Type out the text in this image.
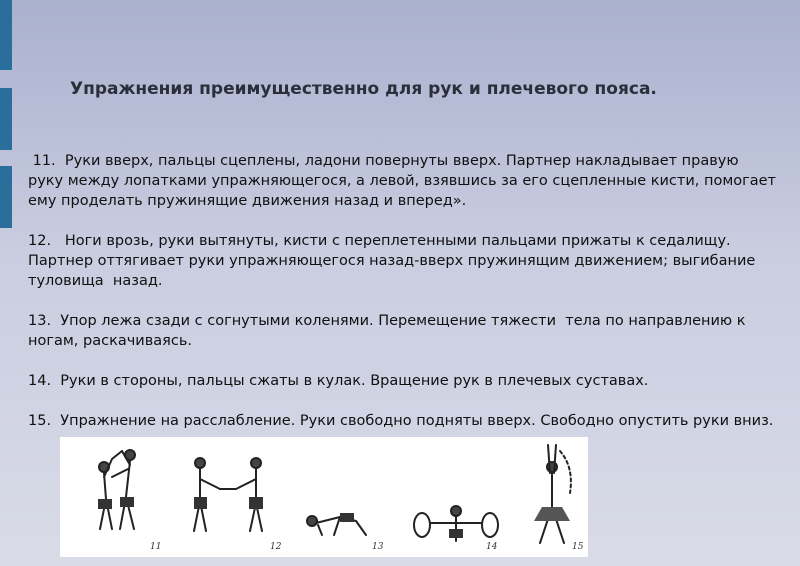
Упражнения преимущественно для рук и плечевого пояса.

11.  Руки вверх, пальцы сцеплены, ладони повернуты вверх. Партнер накладывает правую руку между лопатками упражняющегося, а левой, взявшись за его сцепленные кисти, помогает ему проделать пружинящие движения назад и вперед».

12.   Ноги врозь, руки вытянуты, кисти с переплетенными пальцами прижаты к седалищу. Партнер оттягивает руки упражняющегося назад-вверх пружинящим движением; выгибание туловища  назад.

13.  Упор лежа сзади с согнутыми коленями. Перемещение тяжести  тела по направлению к ногам, раскачиваясь.

14.  Руки в стороны, пальцы сжаты в кулак. Вращение рук в плечевых суставах.

15.  Упражнение на расслабление. Руки свободно подняты вверх. Свободно опустить руки вниз.

11	12	13	14	15
